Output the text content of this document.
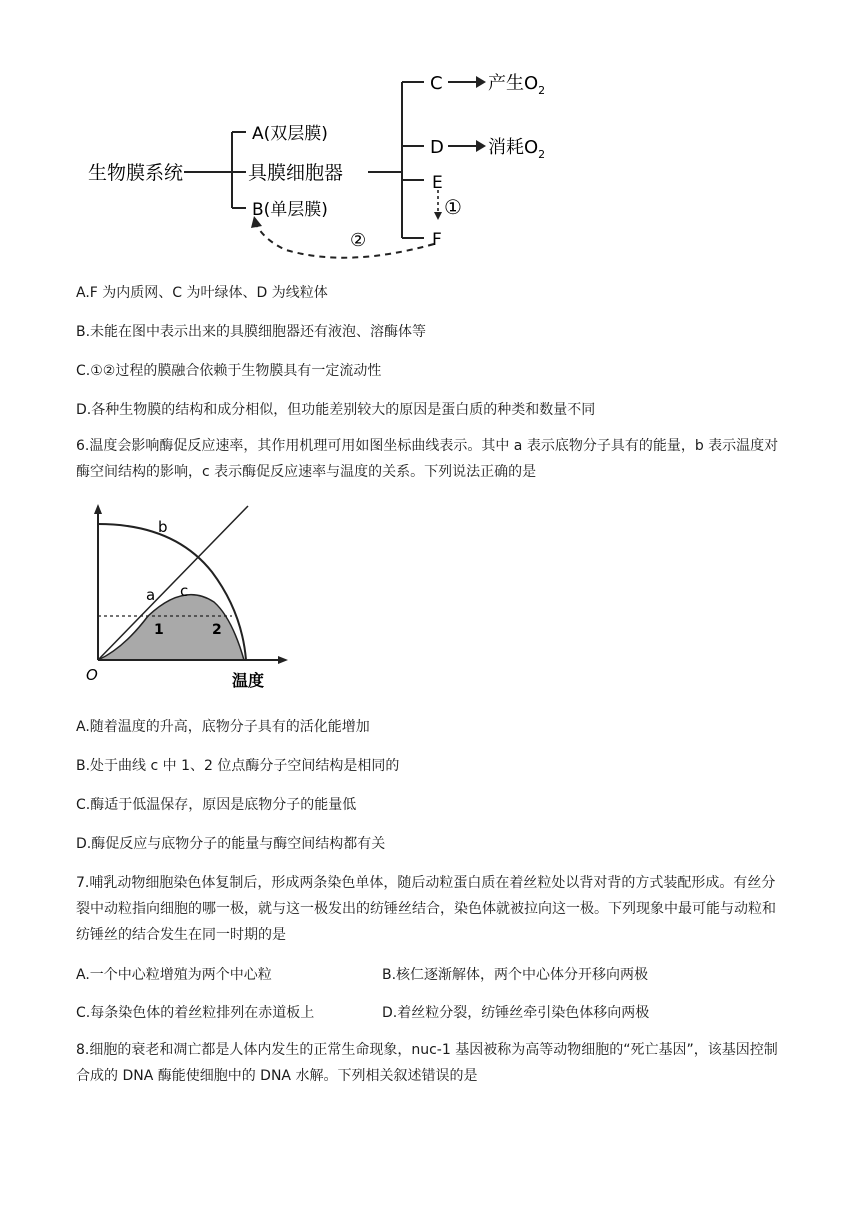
生物膜系统
A(双层膜)
具膜细胞器
B(单层膜)
C	产生$O_2$
D 消耗$O_2$
E
F
①
②
A.F 为内质网、C 为叶绿体、D 为线粒体
B.未能在图中表示出来的具膜细胞器还有液泡、溶酶体等
C.①②过程的膜融合依赖于生物膜具有一定流动性
D.各种生物膜的结构和成分相似，但功能差别较大的原因是蛋白质的种类和数量不同
6.温度会影响酶促反应速率，其作用机理可用如图坐标曲线表示。其中 a 表示底物分子具有的能量，b 表示温度对酶空间结构的影响，c 表示酶促反应速率与温度的关系。下列说法正确的是
O	温度
a
b
c
1	2
A.随着温度的升高，底物分子具有的活化能增加
B.处于曲线 c 中 1、2 位点酶分子空间结构是相同的
C.酶适于低温保存，原因是底物分子的能量低
D.酶促反应与底物分子的能量与酶空间结构都有关
7.哺乳动物细胞染色体复制后，形成两条染色单体，随后动粒蛋白质在着丝粒处以背对背的方式装配形成。有丝分裂中动粒指向细胞的哪一极，就与这一极发出的纺锤丝结合，染色体就被拉向这一极。下列现象中最可能与动粒和纺锤丝的结合发生在同一时期的是
A.一个中心粒增殖为两个中心粒	B.核仁逐渐解体，两个中心体分开移向两极
C.每条染色体的着丝粒排列在赤道板上	D.着丝粒分裂，纺锤丝牵引染色体移向两极
8.细胞的衰老和凋亡都是人体内发生的正常生命现象，nuc-1 基因被称为高等动物细胞的“死亡基因”，该基因控制合成的 DNA 酶能使细胞中的 DNA 水解。下列相关叙述错误的是
